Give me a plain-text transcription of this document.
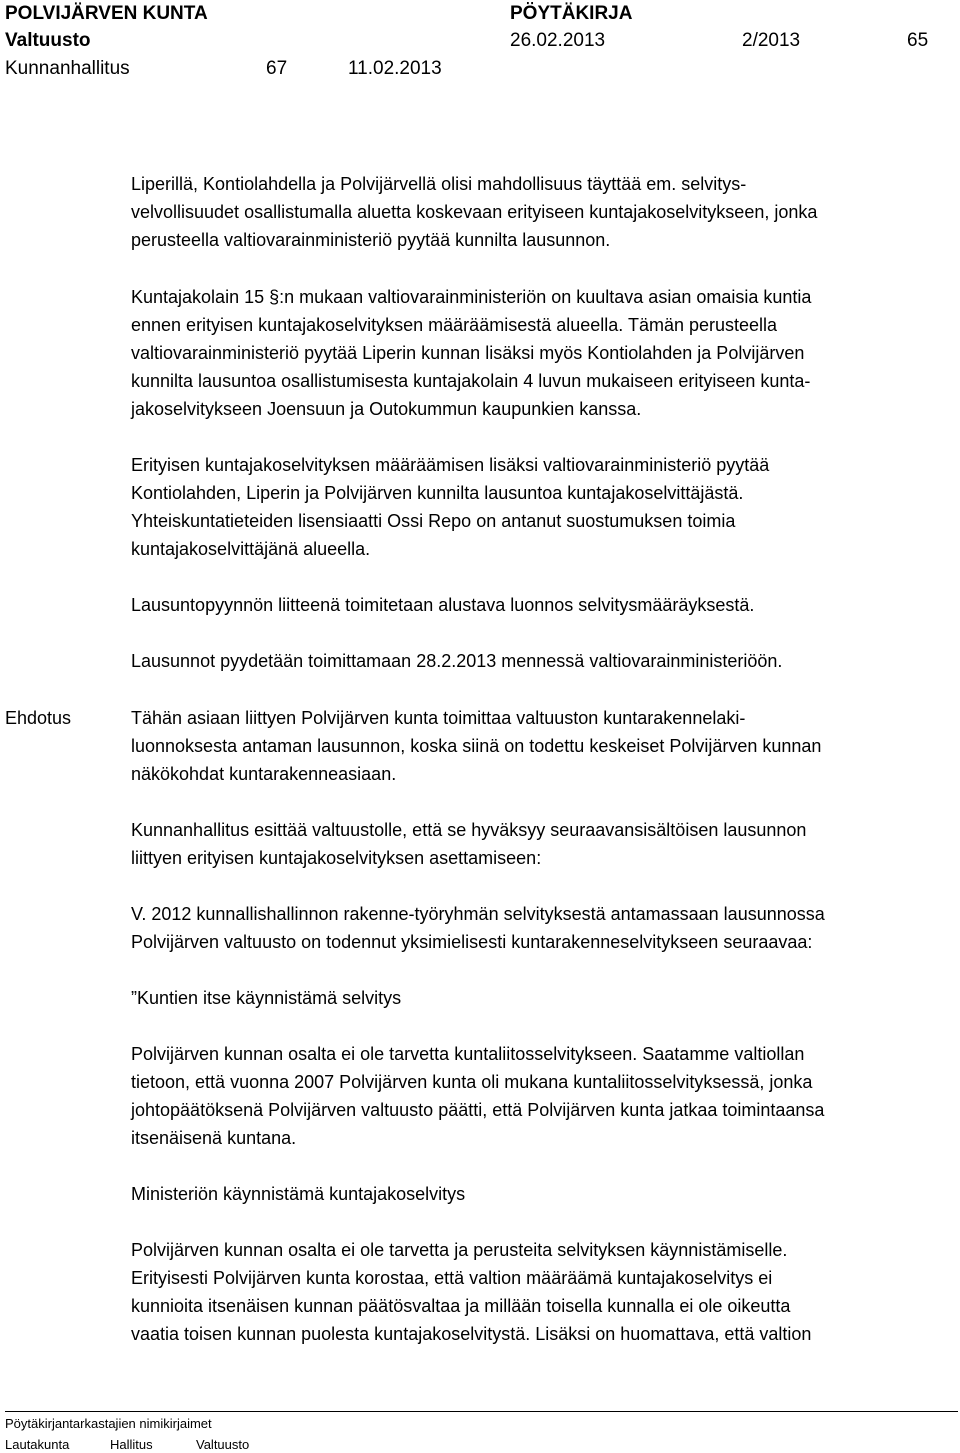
POLVIJÄRVEN KUNTA	PÖYTÄKIRJA
Valtuusto	26.02.2013	2/2013	65
Kunnanhallitus	67	11.02.2013
Liperillä, Kontiolahdella ja Polvijärvellä olisi mahdollisuus täyttää em. selvitys-
velvollisuudet osallistumalla aluetta koskevaan erityiseen kuntajakoselvitykseen, jonka
perusteella valtiovarainministeriö pyytää kunnilta lausunnon.
Kuntajakolain 15 §:n mukaan valtiovarainministeriön on kuultava asian omaisia kuntia
ennen erityisen kuntajakoselvityksen määräämisestä alueella. Tämän perusteella
valtiovarainministeriö pyytää Liperin kunnan lisäksi myös Kontiolahden ja Polvijärven
kunnilta lausuntoa osallistumisesta kuntajakolain 4 luvun mukaiseen erityiseen kunta-
jakoselvitykseen Joensuun ja Outokummun kaupunkien kanssa.
Erityisen kuntajakoselvityksen määräämisen lisäksi valtiovarainministeriö pyytää
Kontiolahden, Liperin ja Polvijärven kunnilta lausuntoa kuntajakoselvittäjästä.
Yhteiskuntatieteiden lisensiaatti Ossi Repo on antanut suostumuksen toimia
kuntajakoselvittäjänä alueella.
Lausuntopyynnön liitteenä toimitetaan alustava luonnos selvitysmääräyksestä.
Lausunnot pyydetään toimittamaan 28.2.2013 mennessä valtiovarainministeriöön.
Ehdotus	Tähän asiaan liittyen Polvijärven kunta toimittaa valtuuston kuntarakennelaki-
luonnoksesta antaman lausunnon, koska siinä on todettu keskeiset Polvijärven kunnan
näkökohdat kuntarakenneasiaan.
Kunnanhallitus esittää valtuustolle, että se hyväksyy seuraavansisältöisen lausunnon
liittyen erityisen kuntajakoselvityksen asettamiseen:
V. 2012 kunnallishallinnon rakenne-työryhmän selvityksestä antamassaan lausunnossa
Polvijärven valtuusto on todennut yksimielisesti kuntarakenneselvitykseen seuraavaa:
”Kuntien itse käynnistämä selvitys
Polvijärven kunnan osalta ei ole tarvetta kuntaliitosselvitykseen. Saatamme valtiollan
tietoon, että vuonna 2007 Polvijärven kunta oli mukana kuntaliitosselvityksessä, jonka
johtopäätöksenä Polvijärven valtuusto päätti, että Polvijärven kunta jatkaa toimintaansa
itsenäisenä kuntana.
Ministeriön käynnistämä kuntajakoselvitys
Polvijärven kunnan osalta ei ole tarvetta ja perusteita selvityksen käynnistämiselle.
Erityisesti Polvijärven kunta korostaa, että valtion määräämä kuntajakoselvitys ei
kunnioita itsenäisen kunnan päätösvaltaa ja millään toisella kunnalla ei ole oikeutta
vaatia toisen kunnan puolesta kuntajakoselvitystä. Lisäksi on huomattava, että valtion
Pöytäkirjantarkastajien nimikirjaimet
Lautakunta	Hallitus	Valtuusto
